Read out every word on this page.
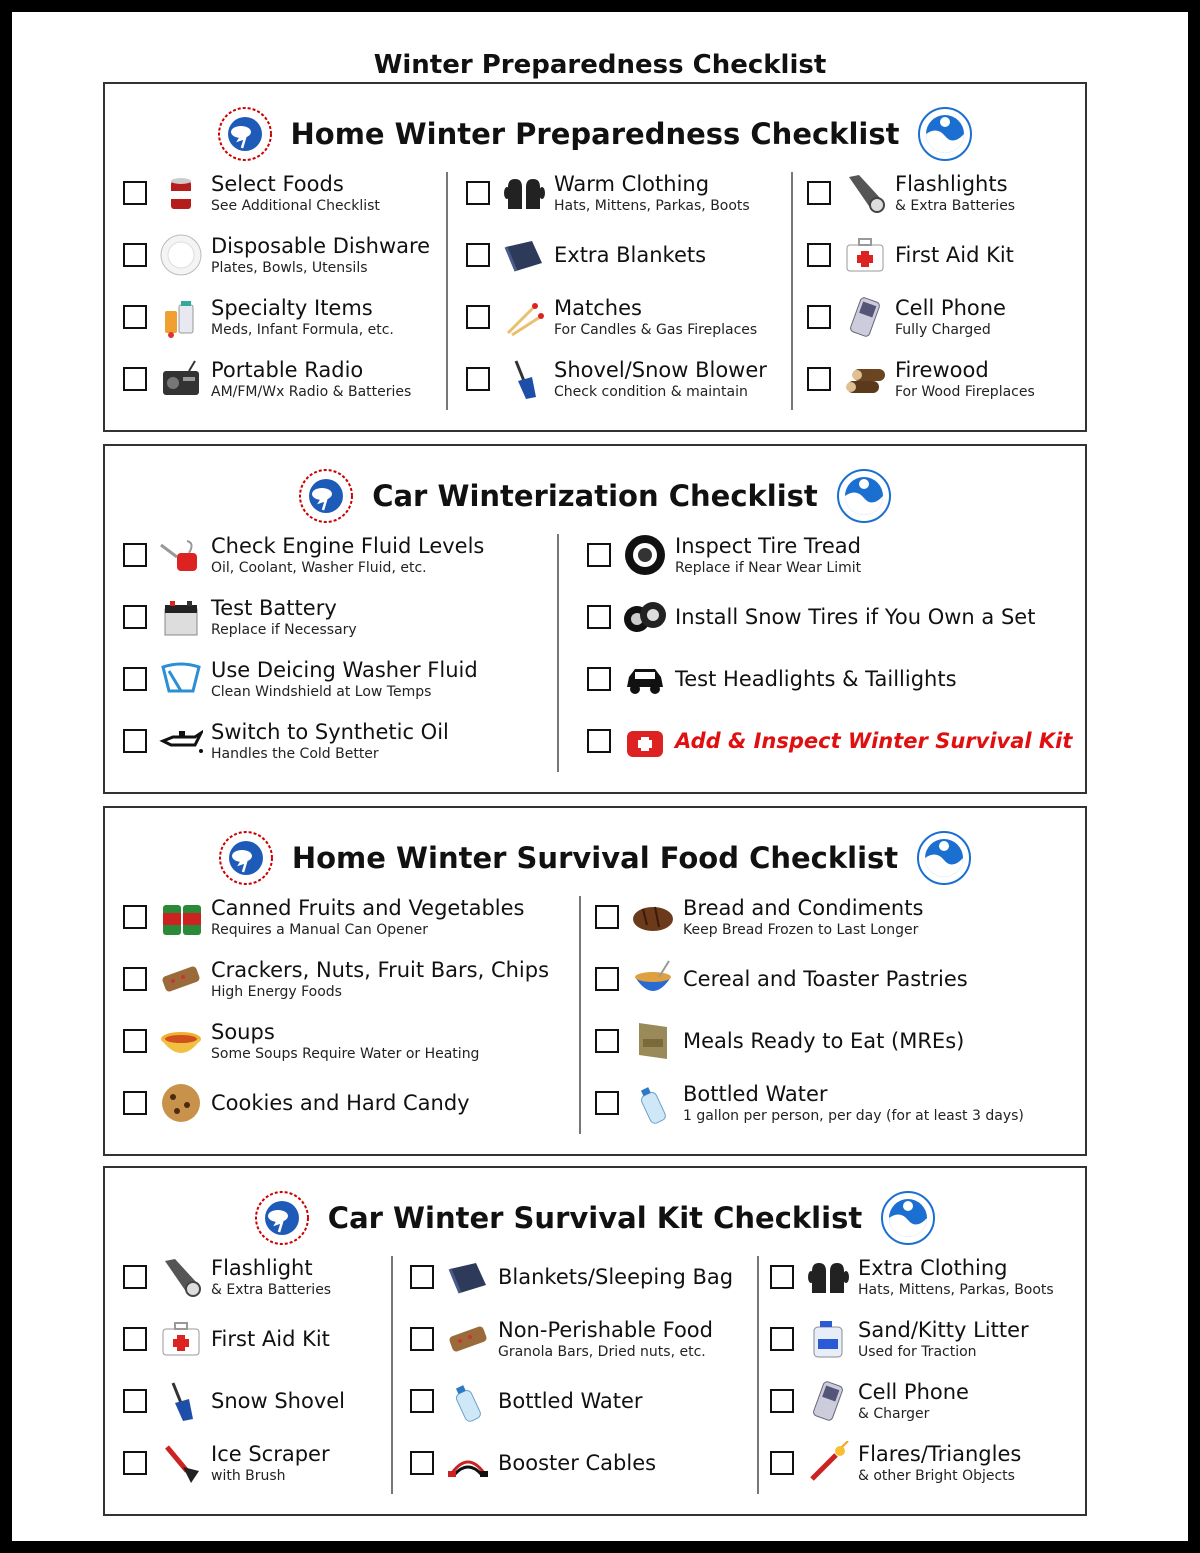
Winter Preparedness Checklist
Home Winter Preparedness Checklist
Select Foods
See Additional Checklist
Disposable Dishware
Plates, Bowls, Utensils
Specialty Items
Meds, Infant Formula, etc.
Portable Radio
AM/FM/Wx Radio & Batteries
Warm Clothing
Hats, Mittens, Parkas, Boots
Extra Blankets
Matches
For Candles & Gas Fireplaces
Shovel/Snow Blower
Check condition & maintain
Flashlights
& Extra Batteries
First Aid Kit
Cell Phone
Fully Charged
Firewood
For Wood Fireplaces
Car Winterization Checklist
Check Engine Fluid Levels
Oil, Coolant, Washer Fluid, etc.
Test Battery
Replace if Necessary
Use Deicing Washer Fluid
Clean Windshield at Low Temps
Switch to Synthetic Oil
Handles the Cold Better
Inspect Tire Tread
Replace if Near Wear Limit
Install Snow Tires if You Own a Set
Test Headlights & Taillights
Add & Inspect Winter Survival Kit
Home Winter Survival Food Checklist
Canned Fruits and Vegetables
Requires a Manual Can Opener
Crackers, Nuts, Fruit Bars, Chips
High Energy Foods
Soups
Some Soups Require Water or Heating
Cookies and Hard Candy
Bread and Condiments
Keep Bread Frozen to Last Longer
Cereal and Toaster Pastries
Meals Ready to Eat (MREs)
Bottled Water
1 gallon per person, per day (for at least 3 days)
Car Winter Survival Kit Checklist
Flashlight
& Extra Batteries
First Aid Kit
Snow Shovel
Ice Scraper
with Brush
Blankets/Sleeping Bag
Non-Perishable Food
Granola Bars, Dried nuts, etc.
Bottled Water
Booster Cables
Extra Clothing
Hats, Mittens, Parkas, Boots
Sand/Kitty Litter
Used for Traction
Cell Phone
& Charger
Flares/Triangles
& other Bright Objects
